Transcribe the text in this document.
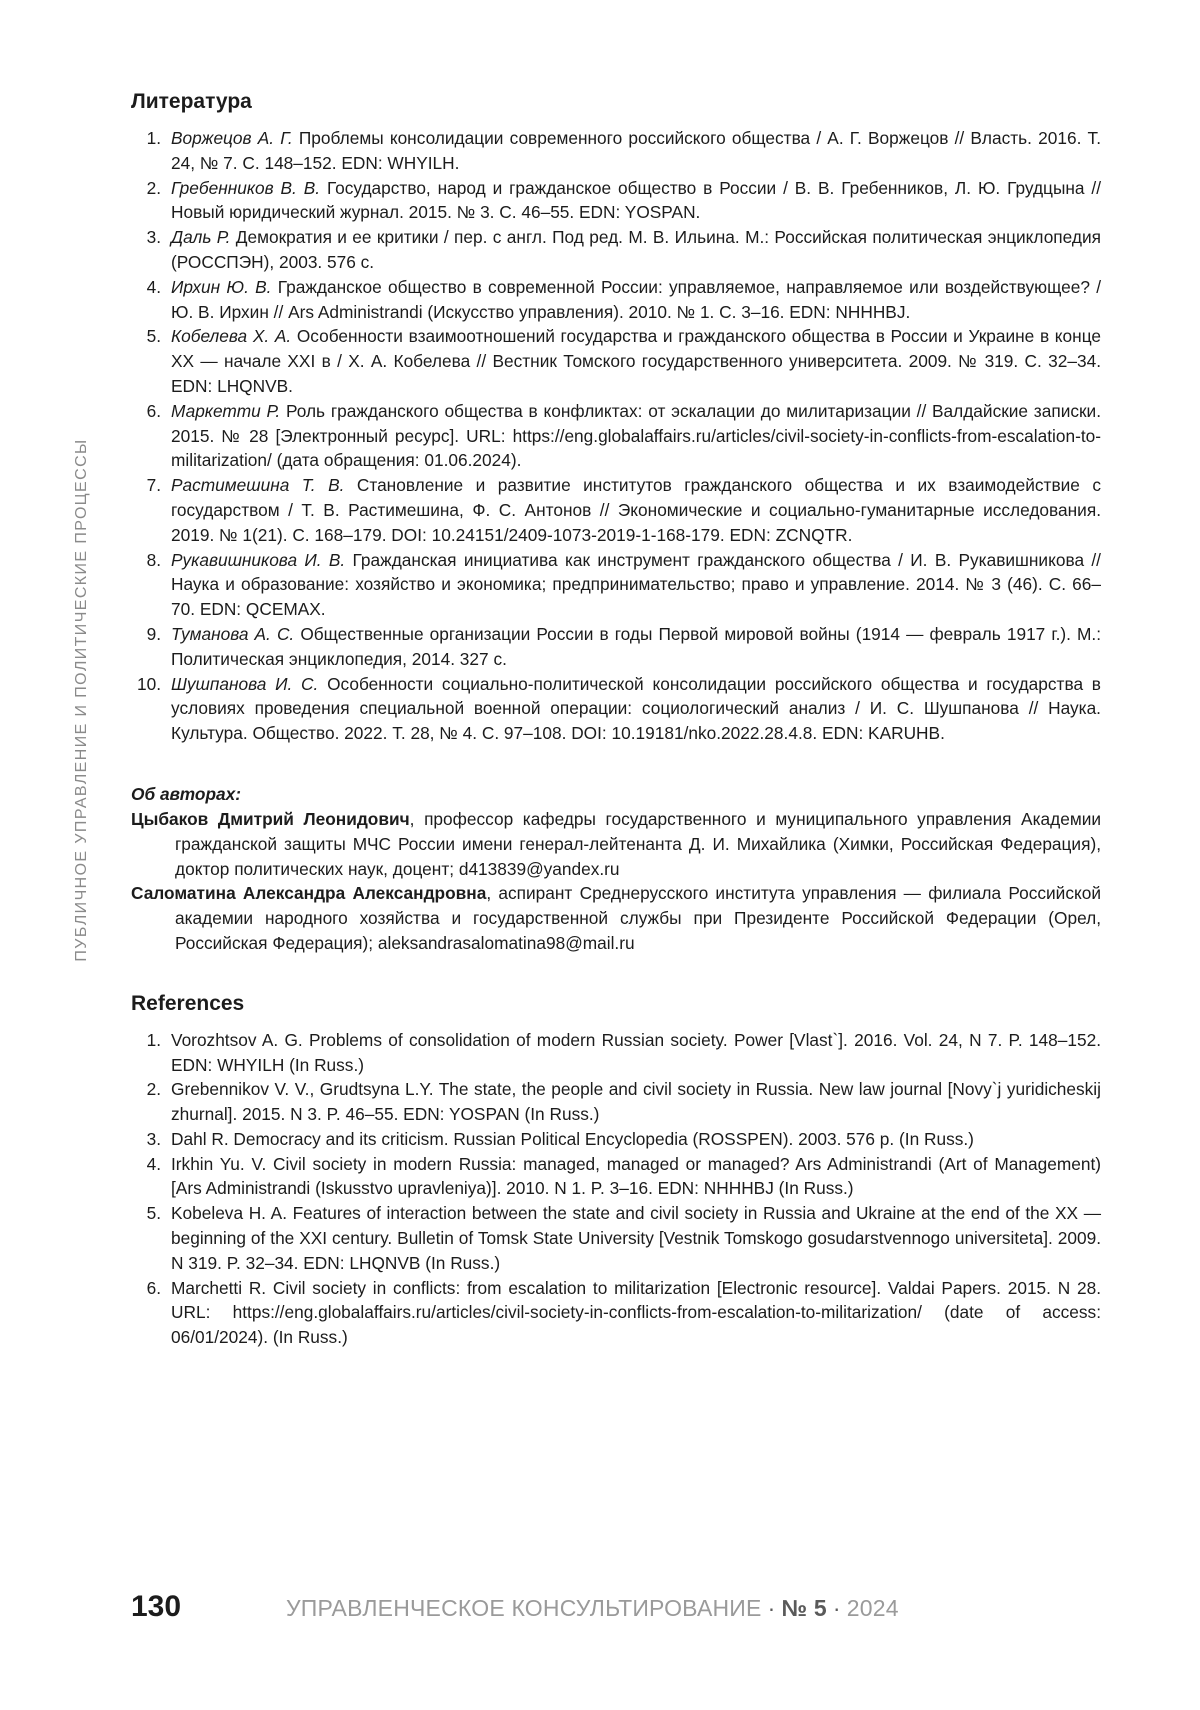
ПУБЛИЧНОЕ УПРАВЛЕНИЕ И ПОЛИТИЧЕСКИЕ ПРОЦЕССЫ
Литература
1. Воржецов А. Г. Проблемы консолидации современного российского общества / А. Г. Воржецов // Власть. 2016. Т. 24, № 7. С. 148–152. EDN: WHYILH.
2. Гребенников В. В. Государство, народ и гражданское общество в России / В. В. Гребенников, Л. Ю. Грудцына // Новый юридический журнал. 2015. № 3. С. 46–55. EDN: YOSPAN.
3. Даль Р. Демократия и ее критики / пер. с англ. Под ред. М. В. Ильина. М.: Российская политическая энциклопедия (РОССПЭН), 2003. 576 с.
4. Ирхин Ю. В. Гражданское общество в современной России: управляемое, направляемое или воздействующее? / Ю. В. Ирхин // Ars Administrandi (Искусство управления). 2010. № 1. С. 3–16. EDN: NHHHBJ.
5. Кобелева Х. А. Особенности взаимоотношений государства и гражданского общества в России и Украине в конце XX — начале XXI в / Х. А. Кобелева // Вестник Томского государственного университета. 2009. № 319. С. 32–34. EDN: LHQNVB.
6. Маркетти Р. Роль гражданского общества в конфликтах: от эскалации до милитаризации // Валдайские записки. 2015. № 28 [Электронный ресурс]. URL: https://eng.globalaffairs.ru/articles/civil-society-in-conflicts-from-escalation-to-militarization/ (дата обращения: 01.06.2024).
7. Растимешина Т. В. Становление и развитие институтов гражданского общества и их взаимодействие с государством / Т. В. Растимешина, Ф. С. Антонов // Экономические и социально-гуманитарные исследования. 2019. № 1(21). С. 168–179. DOI: 10.24151/2409-1073-2019-1-168-179. EDN: ZCNQTR.
8. Рукавишникова И. В. Гражданская инициатива как инструмент гражданского общества / И. В. Рукавишникова // Наука и образование: хозяйство и экономика; предпринимательство; право и управление. 2014. № 3 (46). С. 66–70. EDN: QCEMAX.
9. Туманова А. С. Общественные организации России в годы Первой мировой войны (1914 — февраль 1917 г.). М.: Политическая энциклопедия, 2014. 327 с.
10. Шушпанова И. С. Особенности социально-политической консолидации российского общества и государства в условиях проведения специальной военной операции: социологический анализ / И. С. Шушпанова // Наука. Культура. Общество. 2022. Т. 28, № 4. С. 97–108. DOI: 10.19181/nko.2022.28.4.8. EDN: KARUHB.
Об авторах:
Цыбаков Дмитрий Леонидович, профессор кафедры государственного и муниципального управления Академии гражданской защиты МЧС России имени генерал-лейтенанта Д. И. Михайлика (Химки, Российская Федерация), доктор политических наук, доцент; d413839@yandex.ru
Саломатина Александра Александровна, аспирант Среднерусского института управления — филиала Российской академии народного хозяйства и государственной службы при Президенте Российской Федерации (Орел, Российская Федерация); aleksandrasalomatina98@mail.ru
References
1. Vorozhtsov A. G. Problems of consolidation of modern Russian society. Power [Vlast`]. 2016. Vol. 24, N 7. P. 148–152. EDN: WHYILH (In Russ.)
2. Grebennikov V. V., Grudtsyna L.Y. The state, the people and civil society in Russia. New law journal [Novy`j yuridicheskij zhurnal]. 2015. N 3. P. 46–55. EDN: YOSPAN (In Russ.)
3. Dahl R. Democracy and its criticism. Russian Political Encyclopedia (ROSSPEN). 2003. 576 p. (In Russ.)
4. Irkhin Yu. V. Civil society in modern Russia: managed, managed or managed? Ars Administrandi (Art of Management) [Ars Administrandi (Iskusstvo upravleniya)]. 2010. N 1. P. 3–16. EDN: NHHHBJ (In Russ.)
5. Kobeleva H. A. Features of interaction between the state and civil society in Russia and Ukraine at the end of the XX — beginning of the XXI century. Bulletin of Tomsk State University [Vestnik Tomskogo gosudarstvennogo universiteta]. 2009. N 319. P. 32–34. EDN: LHQNVB (In Russ.)
6. Marchetti R. Civil society in conflicts: from escalation to militarization [Electronic resource]. Valdai Papers. 2015. N 28. URL: https://eng.globalaffairs.ru/articles/civil-society-in-conflicts-from-escalation-to-militarization/ (date of access: 06/01/2024). (In Russ.)
130	УПРАВЛЕНЧЕСКОЕ КОНСУЛЬТИРОВАНИЕ · № 5 · 2024
